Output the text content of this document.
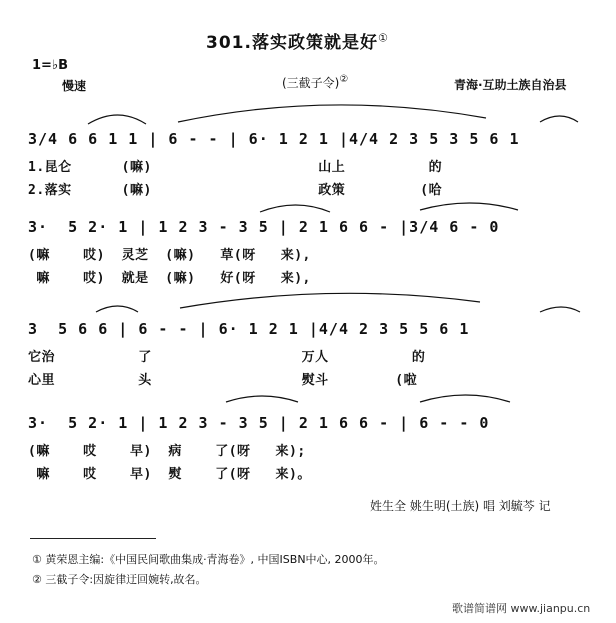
301.落实政策就是好①
1=♭B
慢速	(三截子令)②	青海·互助土族自治县
3/4 6 6 1 1 | 6 - - | 6· 1 2 1 |4/4 2 3 5 3 5 6 1
1.昆仑      (嘛)                    山上          的
2.落实      (嘛)                    政策         (哈
3·  5 2· 1 | 1 2 3 - 3 5 | 2 1 6 6 - |3/4 6 - 0
(嘛    哎)  灵芝  (嘛)   草(呀   来),
嘛    哎)  就是  (嘛)   好(呀   来),
3  5 6 6 | 6 - - | 6· 1 2 1 |4/4 2 3 5 5 6 1
它治          了                  万人          的
心里          头                  熨斗        (啦
3·  5 2· 1 | 1 2 3 - 3 5 | 2 1 6 6 - | 6 - - 0
(嘛    哎    早)  病    了(呀   来);
嘛    哎    早)  熨    了(呀   来)。
姓生全 姚生明(土族) 唱 刘毓芩 记
① 黄荣恩主编:《中国民间歌曲集成·青海卷》, 中国ISBN中心, 2000年。
② 三截子令:因旋律迂回婉转,故名。
歌谱简谱网 www.jianpu.cn
